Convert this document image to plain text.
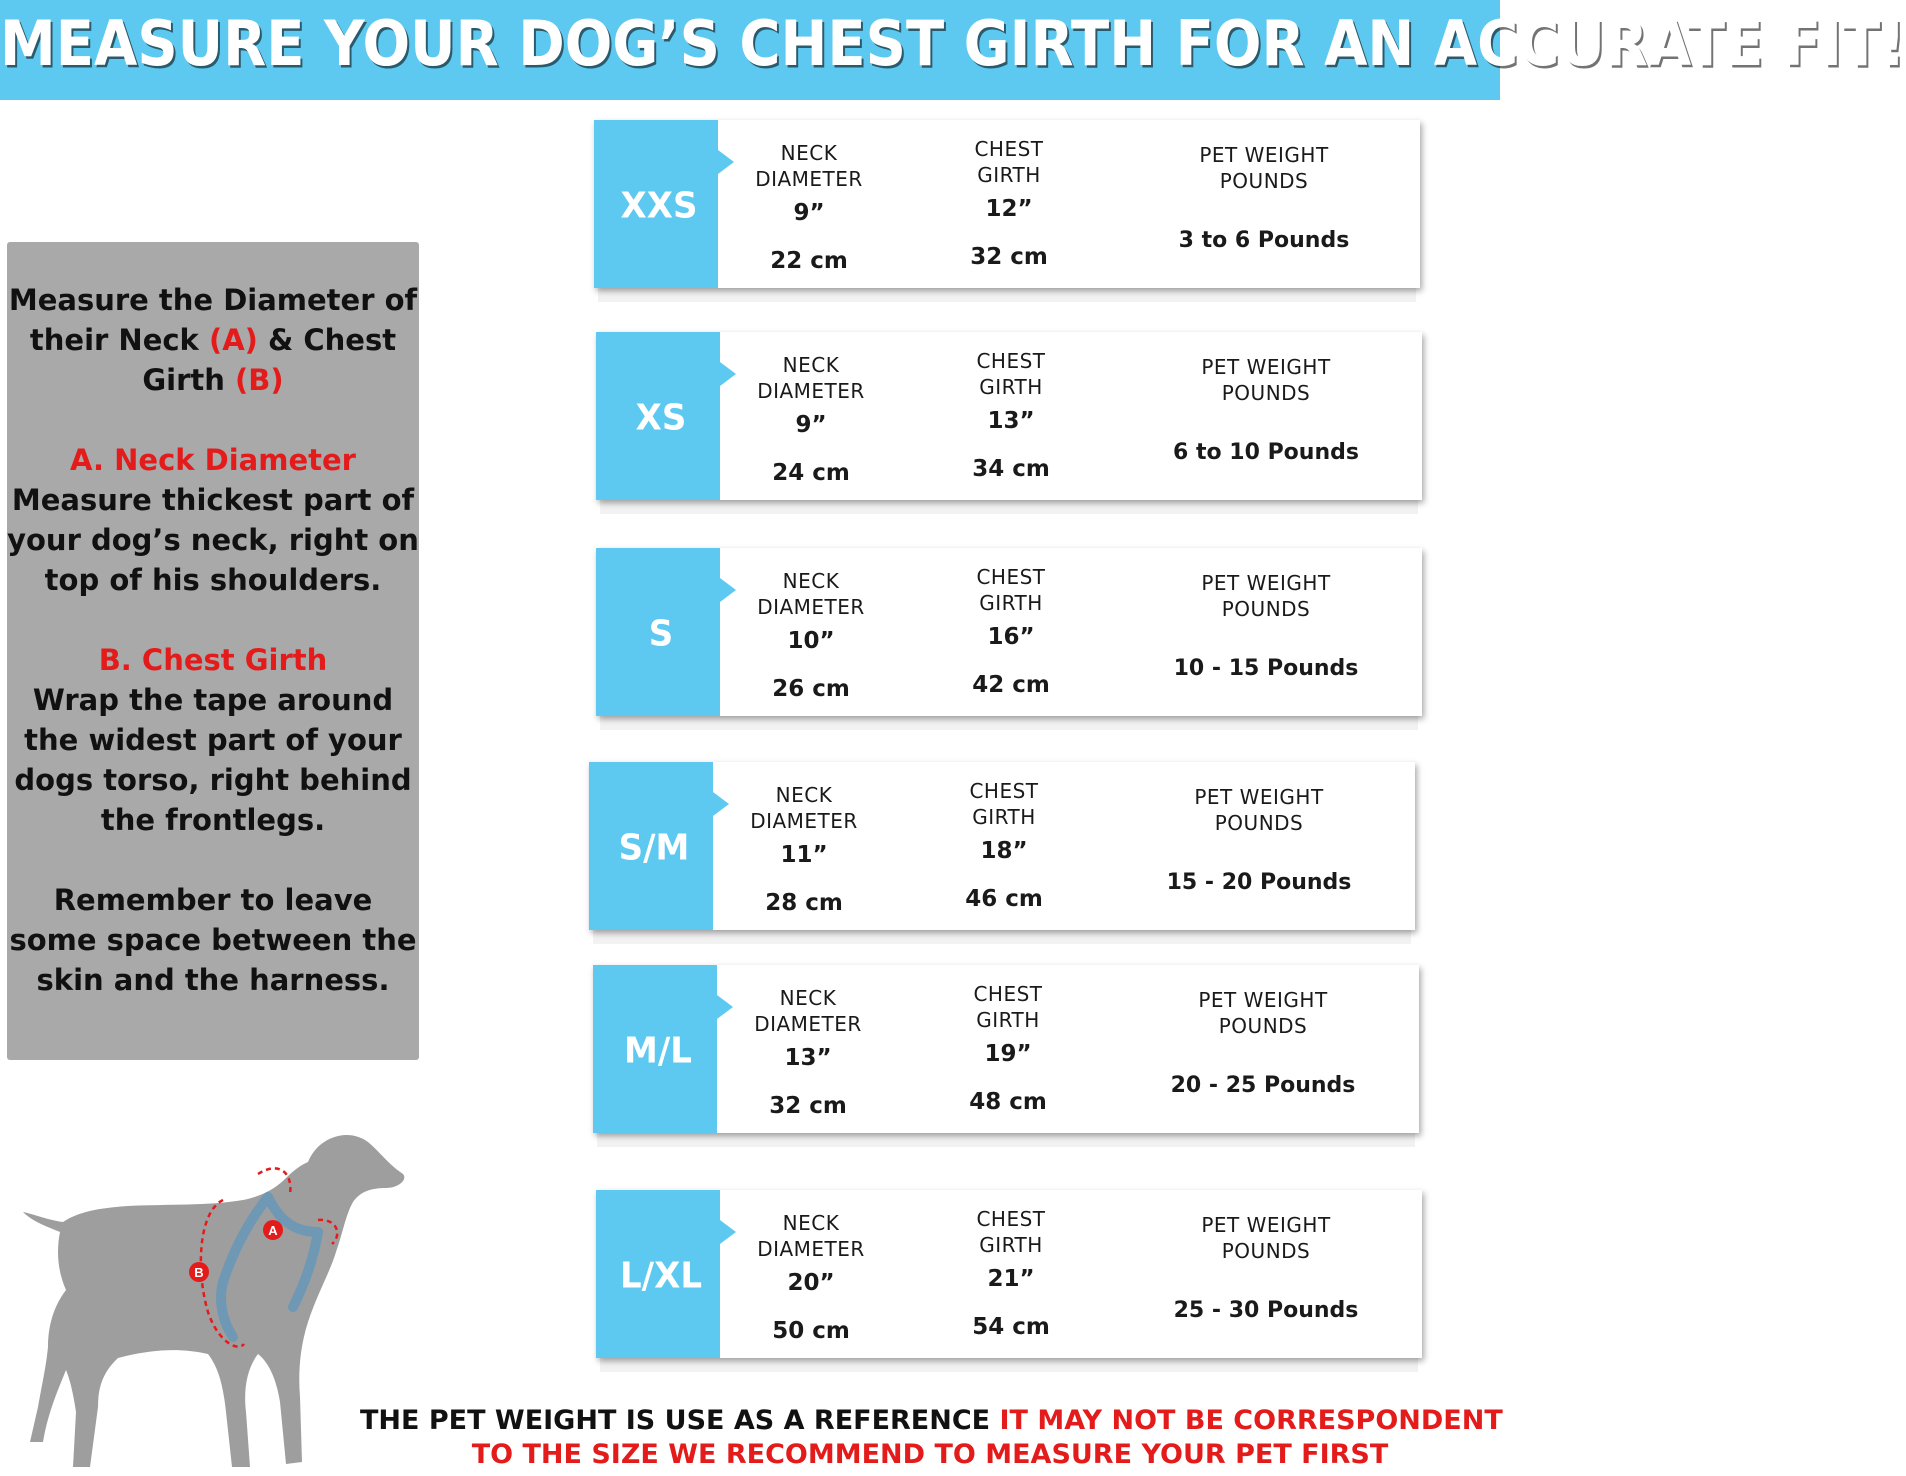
MEASURE YOUR DOG’S CHEST GIRTH FOR AN ACCURATE FIT!
Measure the Diameter of their Neck (A) & Chest Girth (B)
A. Neck Diameter
Measure thickest part of your dog’s neck, right on top of his shoulders.
B. Chest Girth
Wrap the tape around the widest part of your dogs torso, right behind the frontlegs.
Remember to leave some space between the skin and the harness.
XXS
NECK
DIAMETER
9”
22 cm
CHEST
GIRTH
12”
32 cm
PET WEIGHT
POUNDS
3 to 6 Pounds
XS
NECK
DIAMETER
9”
24 cm
CHEST
GIRTH
13”
34 cm
PET WEIGHT
POUNDS
6 to 10 Pounds
S
NECK
DIAMETER
10”
26 cm
CHEST
GIRTH
16”
42 cm
PET WEIGHT
POUNDS
10 - 15 Pounds
S/M
NECK
DIAMETER
11”
28 cm
CHEST
GIRTH
18”
46 cm
PET WEIGHT
POUNDS
15 - 20 Pounds
M/L
NECK
DIAMETER
13”
32 cm
CHEST
GIRTH
19”
48 cm
PET WEIGHT
POUNDS
20 - 25 Pounds
L/XL
NECK
DIAMETER
20”
50 cm
CHEST
GIRTH
21”
54 cm
PET WEIGHT
POUNDS
25 - 30 Pounds
A
B
THE PET WEIGHT IS USE AS A REFERENCE IT MAY NOT BE CORRESPONDENT
TO THE SIZE WE RECOMMEND TO MEASURE YOUR PET FIRST
